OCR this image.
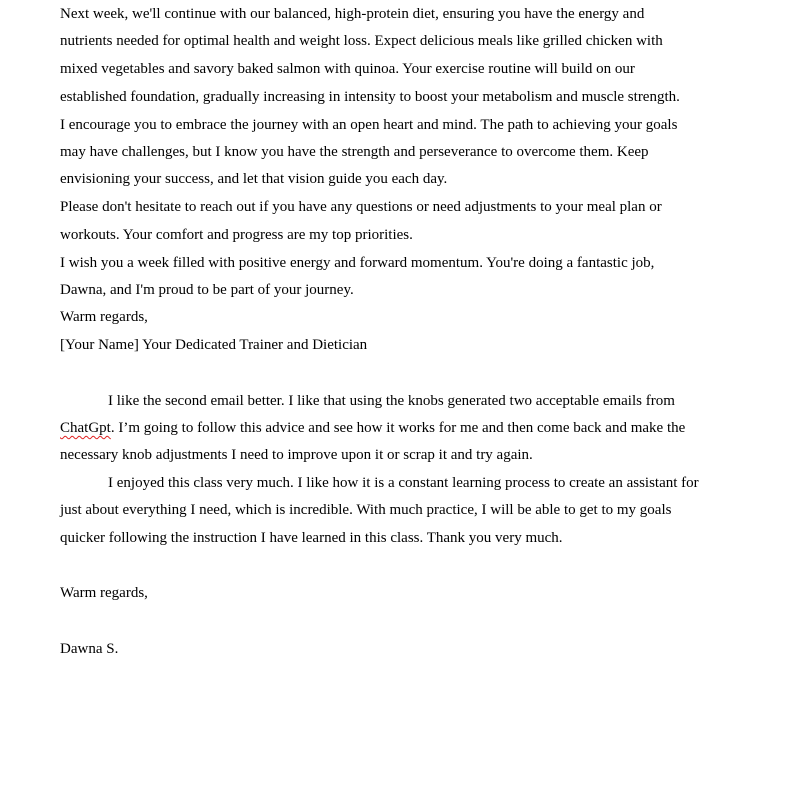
Next week, we'll continue with our balanced, high-protein diet, ensuring you have the energy and
nutrients needed for optimal health and weight loss. Expect delicious meals like grilled chicken with
mixed vegetables and savory baked salmon with quinoa. Your exercise routine will build on our
established foundation, gradually increasing in intensity to boost your metabolism and muscle strength.
I encourage you to embrace the journey with an open heart and mind. The path to achieving your goals
may have challenges, but I know you have the strength and perseverance to overcome them. Keep
envisioning your success, and let that vision guide you each day.
Please don't hesitate to reach out if you have any questions or need adjustments to your meal plan or
workouts. Your comfort and progress are my top priorities.
I wish you a week filled with positive energy and forward momentum. You're doing a fantastic job,
Dawna, and I'm proud to be part of your journey.
Warm regards,
[Your Name] Your Dedicated Trainer and Dietician
I like the second email better. I like that using the knobs generated two acceptable emails from
ChatGpt. I’m going to follow this advice and see how it works for me and then come back and make the
necessary knob adjustments I need to improve upon it or scrap it and try again.
I enjoyed this class very much. I like how it is a constant learning process to create an assistant for
just about everything I need, which is incredible. With much practice, I will be able to get to my goals
quicker following the instruction I have learned in this class. Thank you very much.
Warm regards,
Dawna S.
